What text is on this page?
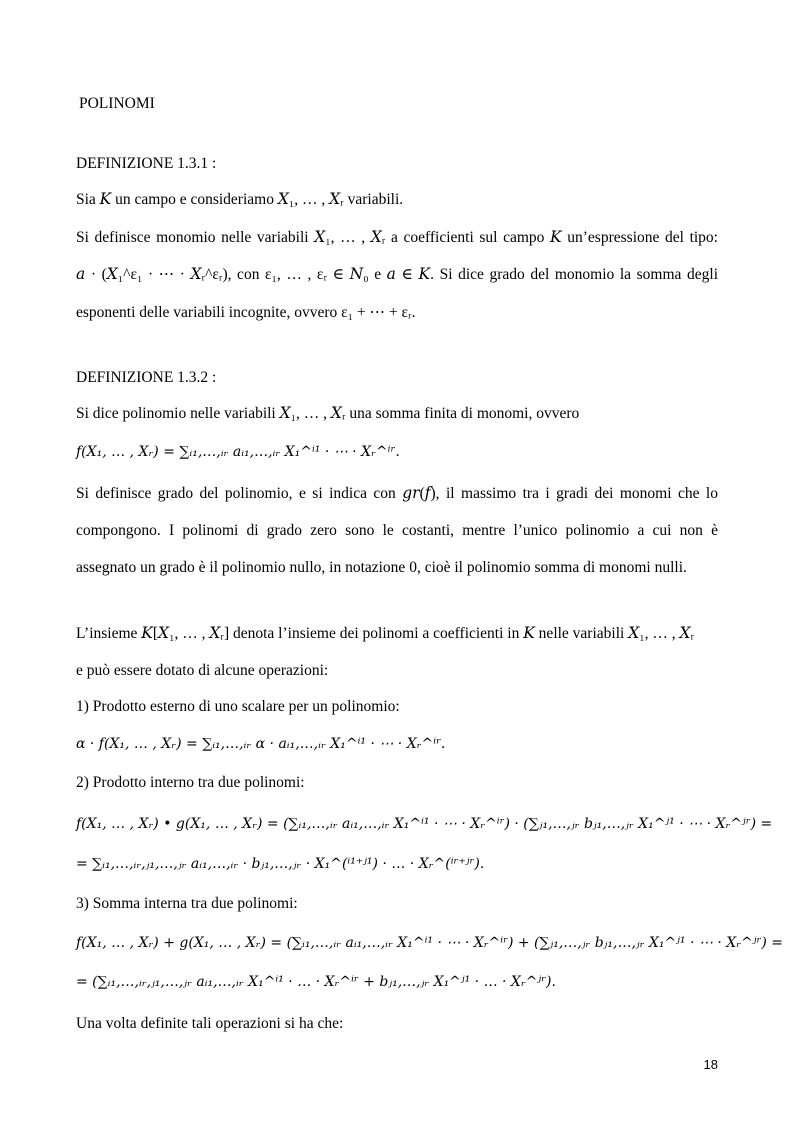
POLINOMI
DEFINIZIONE 1.3.1 :
Sia 𝐾 un campo e consideriamo 𝑋₁, … , 𝑋ᵣ variabili.
Si definisce monomio nelle variabili 𝑋₁, … , 𝑋ᵣ a coefficienti sul campo 𝐾 un’espressione del tipo:
𝑎 · (𝑋₁^ε₁ · ⋯ · 𝑋ᵣ^εᵣ), con ε₁, … , εᵣ ∈ 𝑁₀ e 𝑎 ∈ 𝐾. Si dice grado del monomio la somma degli
esponenti delle variabili incognite, ovvero ε₁ + ⋯ + εᵣ.
DEFINIZIONE 1.3.2 :
Si dice polinomio nelle variabili 𝑋₁, … , 𝑋ᵣ una somma finita di monomi, ovvero
𝑓(𝑋₁, … , 𝑋ᵣ) = ∑ᵢ₁,…,ᵢᵣ 𝑎ᵢ₁,…,ᵢᵣ 𝑋₁^ⁱ¹ · ⋯ · 𝑋ᵣ^ⁱʳ.
Si definisce grado del polinomio, e si indica con 𝑔𝑟(𝑓), il massimo tra i gradi dei monomi che lo
compongono. I polinomi di grado zero sono le costanti, mentre l’unico polinomio a cui non è
assegnato un grado è il polinomio nullo, in notazione 0, cioè il polinomio somma di monomi nulli.
L’insieme 𝐾[𝑋₁, … , 𝑋ᵣ] denota l’insieme dei polinomi a coefficienti in 𝐾 nelle variabili 𝑋₁, … , 𝑋ᵣ
e può essere dotato di alcune operazioni:
1) Prodotto esterno di uno scalare per un polinomio:
α · 𝑓(𝑋₁, … , 𝑋ᵣ) = ∑ᵢ₁,…,ᵢᵣ α · 𝑎ᵢ₁,…,ᵢᵣ 𝑋₁^ⁱ¹ · ⋯ · 𝑋ᵣ^ⁱʳ.
2) Prodotto interno tra due polinomi:
𝑓(𝑋₁, … , 𝑋ᵣ) • 𝑔(𝑋₁, … , 𝑋ᵣ) = (∑ᵢ₁,…,ᵢᵣ 𝑎ᵢ₁,…,ᵢᵣ 𝑋₁^ⁱ¹ · ⋯ · 𝑋ᵣ^ⁱʳ) · (∑ⱼ₁,…,ⱼᵣ 𝑏ⱼ₁,…,ⱼᵣ 𝑋₁^ʲ¹ · ⋯ · 𝑋ᵣ^ʲʳ) =
= ∑ᵢ₁,…,ᵢᵣ,ⱼ₁,…,ⱼᵣ 𝑎ᵢ₁,…,ᵢᵣ · 𝑏ⱼ₁,…,ⱼᵣ · 𝑋₁^(ⁱ¹⁺ʲ¹) · … · 𝑋ᵣ^(ⁱʳ⁺ʲʳ).
3) Somma interna tra due polinomi:
𝑓(𝑋₁, … , 𝑋ᵣ) + 𝑔(𝑋₁, … , 𝑋ᵣ) = (∑ᵢ₁,…,ᵢᵣ 𝑎ᵢ₁,…,ᵢᵣ 𝑋₁^ⁱ¹ · ⋯ · 𝑋ᵣ^ⁱʳ) + (∑ⱼ₁,…,ⱼᵣ 𝑏ⱼ₁,…,ⱼᵣ 𝑋₁^ʲ¹ · ⋯ · 𝑋ᵣ^ʲʳ) =
= (∑ᵢ₁,…,ᵢᵣ,ⱼ₁,…,ⱼᵣ 𝑎ᵢ₁,…,ᵢᵣ 𝑋₁^ⁱ¹ · … · 𝑋ᵣ^ⁱʳ + 𝑏ⱼ₁,…,ⱼᵣ 𝑋₁^ʲ¹ · … · 𝑋ᵣ^ʲʳ).
Una volta definite tali operazioni si ha che:
18
